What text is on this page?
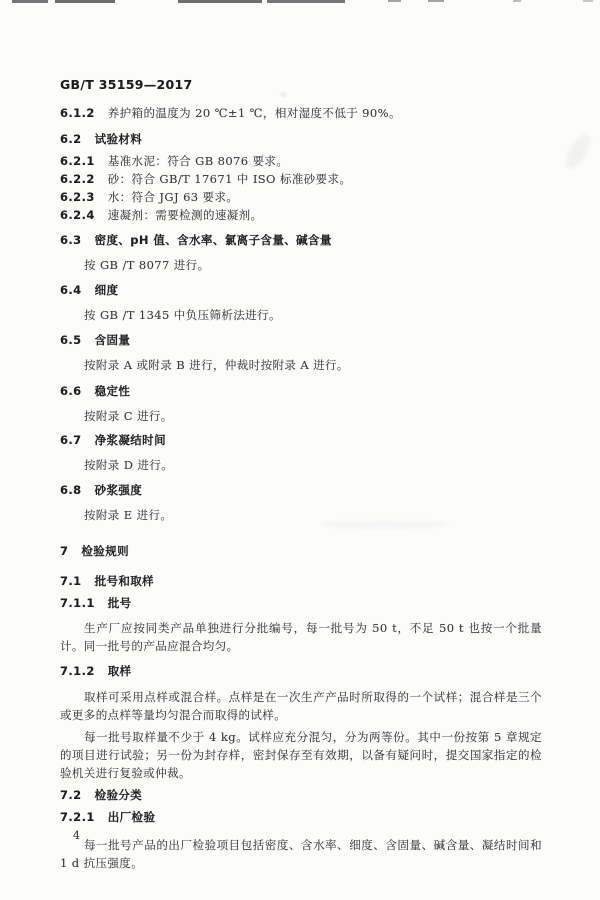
GB/T 35159—2017
6.1.2 养护箱的温度为 20 ℃±1 ℃，相对湿度不低于 90%。
6.2 试验材料
6.2.1 基准水泥：符合 GB 8076 要求。
6.2.2 砂：符合 GB/T 17671 中 ISO 标准砂要求。
6.2.3 水：符合 JGJ 63 要求。
6.2.4 速凝剂：需要检测的速凝剂。
6.3 密度、pH 值、含水率、氯离子含量、碱含量

按 GB /T 8077 进行。

6.4 细度

按 GB /T 1345 中负压筛析法进行。

6.5 含固量

按附录 A 或附录 B 进行，仲裁时按附录 A 进行。

6.6 稳定性

按附录 C 进行。

6.7 净浆凝结时间

按附录 D 进行。

6.8 砂浆强度

按附录 E 进行。

7 检验规则
7.1 批号和取样
7.1.1 批号

生产厂应按同类产品单独进行分批编号，每一批号为 50 t，不足 50 t 也按一个批量计。同一批号的产品应混合均匀。

7.1.2 取样

取样可采用点样或混合样。点样是在一次生产产品时所取得的一个试样；混合样是三个或更多的点样等量均匀混合而取得的试样。

每一批号取样量不少于 4 kg。试样应充分混匀，分为两等份。其中一份按第 5 章规定的项目进行试验；另一份为封存样，密封保存至有效期，以备有疑问时，提交国家指定的检验机关进行复验或仲裁。

7.2 检验分类
7.2.1 出厂检验

每一批号产品的出厂检验项目包括密度、含水率、细度、含固量、碱含量、凝结时间和 1 d 抗压强度。

4
